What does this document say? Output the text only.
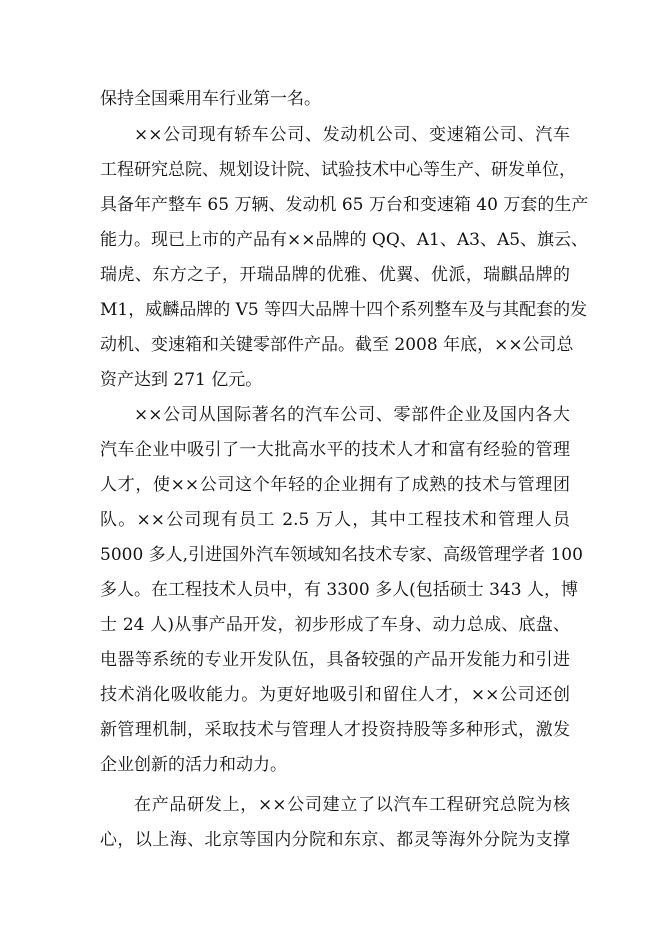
保持全国乘用车行业第一名。
××公司现有轿车公司、发动机公司、变速箱公司、汽车
工程研究总院、规划设计院、试验技术中心等生产、研发单位，
具备年产整车 65 万辆、发动机 65 万台和变速箱 40 万套的生产
能力。现已上市的产品有××品牌的 QQ、A1、A3、A5、旗云、
瑞虎、东方之子，开瑞品牌的优雅、优翼、优派，瑞麒品牌的
M1，威麟品牌的 V5 等四大品牌十四个系列整车及与其配套的发
动机、变速箱和关键零部件产品。截至 2008 年底，××公司总
资产达到 271 亿元。
××公司从国际著名的汽车公司、零部件企业及国内各大
汽车企业中吸引了一大批高水平的技术人才和富有经验的管理
人才，使××公司这个年轻的企业拥有了成熟的技术与管理团
队。××公司现有员工 2.5 万人，其中工程技术和管理人员
5000 多人,引进国外汽车领域知名技术专家、高级管理学者 100
多人。在工程技术人员中，有 3300 多人(包括硕士 343 人，博
士 24 人)从事产品开发，初步形成了车身、动力总成、底盘、
电器等系统的专业开发队伍，具备较强的产品开发能力和引进
技术消化吸收能力。为更好地吸引和留住人才，××公司还创
新管理机制，采取技术与管理人才投资持股等多种形式，激发
企业创新的活力和动力。
在产品研发上，××公司建立了以汽车工程研究总院为核
心，以上海、北京等国内分院和东京、都灵等海外分院为支撑
